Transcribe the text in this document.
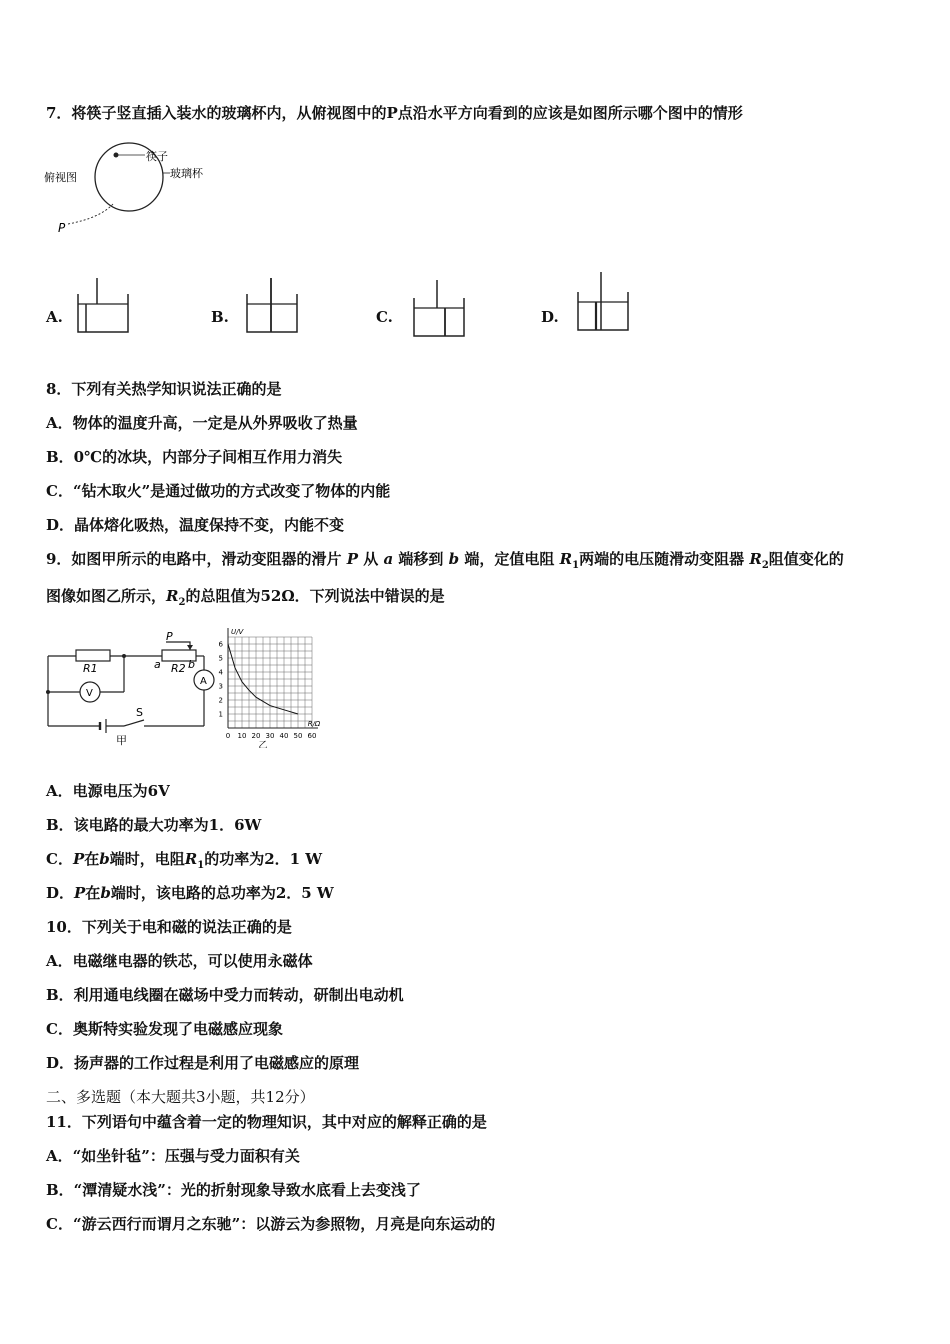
7．将筷子竖直插入装水的玻璃杯内，从俯视图中的P点沿水平方向看到的应该是如图所示哪个图中的情形
筷子
玻璃杯
俯视图
P
A.	B.	C.	D.
8．下列有关热学知识说法正确的是
A．物体的温度升高，一定是从外界吸收了热量
B．0℃的冰块，内部分子间相互作用力消失
C．“钻木取火”是通过做功的方式改变了物体的内能
D．晶体熔化吸热，温度保持不变，内能不变
9．如图甲所示的电路中，滑动变阻器的滑片 P 从 a 端移到 b 端，定值电阻 $R_1$两端的电压随滑动变阻器 $R_2$阻值变化的
图像如图乙所示，$R_2$的总阻值为52Ω．下列说法中错误的是
R1	R2
P
a b
V
A
S
甲	0 10 20 30 40 50 60
1
2
3
4
5
6
R/Ω
U/V
乙
A．电源电压为6V
B．该电路的最大功率为1．6W
C．P在b端时，电阻$R_1$的功率为2．1 W
D．P在b端时，该电路的总功率为2．5 W
10．下列关于电和磁的说法正确的是
A．电磁继电器的铁芯，可以使用永磁体
B．利用通电线圈在磁场中受力而转动，研制出电动机
C．奥斯特实验发现了电磁感应现象
D．扬声器的工作过程是利用了电磁感应的原理
二、多选题（本大题共3小题，共12分）
11．下列语句中蕴含着一定的物理知识，其中对应的解释正确的是
A．“如坐针毡”：压强与受力面积有关
B．“潭清疑水浅”：光的折射现象导致水底看上去变浅了
C．“游云西行而谓月之东驰”：以游云为参照物，月亮是向东运动的
